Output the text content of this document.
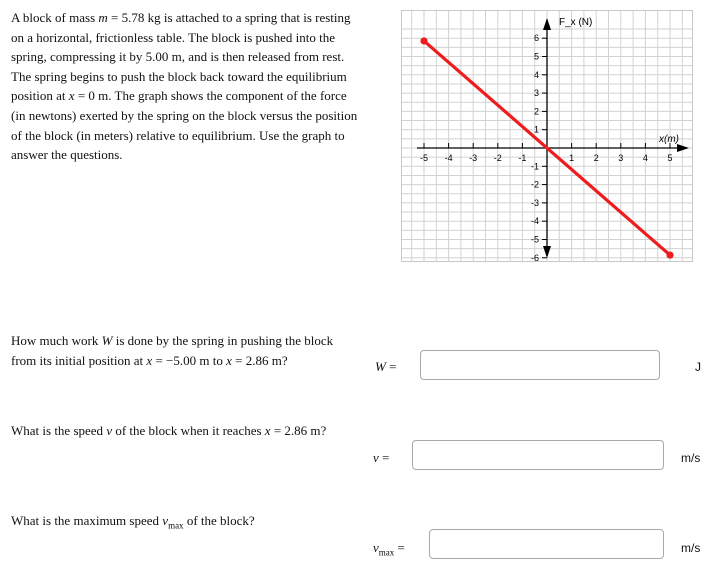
A block of mass m = 5.78 kg is attached to a spring that is resting on a horizontal, frictionless table. The block is pushed into the spring, compressing it by 5.00 m, and is then released from rest. The spring begins to push the block back toward the equilibrium position at x = 0 m. The graph shows the component of the force (in newtons) exerted by the spring on the block versus the position of the block (in meters) relative to equilibrium. Use the graph to answer the questions.	-5 -4 -3 -2 -1	1 2 3 4 5
-6
-5
-4
-3
-2
-1
1
2
3
4
5
6
x(m)
F_x (N)
How much work W is done by the spring in pushing the block from its initial position at x = −5.00 m to x = 2.86 m?	W =	J
What is the speed v of the block when it reaches x = 2.86 m?
v =	m/s
What is the maximum speed $v_{max}$ of the block?
$v_{max}$ =	m/s
